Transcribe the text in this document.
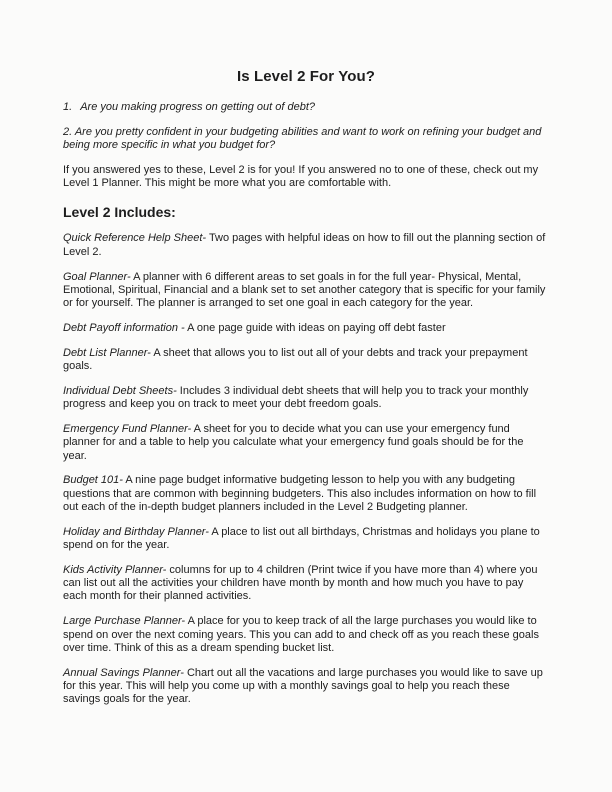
Is Level 2 For You?

1. Are you making progress on getting out of debt?

2. Are you pretty confident in your budgeting abilities and want to work on refining your budget and being more specific in what you budget for?

If you answered yes to these, Level 2 is for you! If you answered no to one of these, check out my Level 1 Planner. This might be more what you are comfortable with.

Level 2 Includes:

Quick Reference Help Sheet- Two pages with helpful ideas on how to fill out the planning section of Level 2.

Goal Planner- A planner with 6 different areas to set goals in for the full year- Physical, Mental, Emotional, Spiritual, Financial and a blank set to set another category that is specific for your family or for yourself. The planner is arranged to set one goal in each category for the year.

Debt Payoff information - A one page guide with ideas on paying off debt faster

Debt List Planner- A sheet that allows you to list out all of your debts and track your prepayment goals.

Individual Debt Sheets- Includes 3 individual debt sheets that will help you to track your monthly progress and keep you on track to meet your debt freedom goals.

Emergency Fund Planner- A sheet for you to decide what you can use your emergency fund planner for and a table to help you calculate what your emergency fund goals should be for the year.

Budget 101- A nine page budget informative budgeting lesson to help you with any budgeting questions that are common with beginning budgeters. This also includes information on how to fill out each of the in-depth budget planners included in the Level 2 Budgeting planner.

Holiday and Birthday Planner- A place to list out all birthdays, Christmas and holidays you plane to spend on for the year.

Kids Activity Planner- columns for up to 4 children (Print twice if you have more than 4) where you can list out all the activities your children have month by month and how much you have to pay each month for their planned activities.

Large Purchase Planner- A place for you to keep track of all the large purchases you would like to spend on over the next coming years. This you can add to and check off as you reach these goals over time. Think of this as a dream spending bucket list.

Annual Savings Planner- Chart out all the vacations and large purchases you would like to save up for this year. This will help you come up with a monthly savings goal to help you reach these savings goals for the year.
